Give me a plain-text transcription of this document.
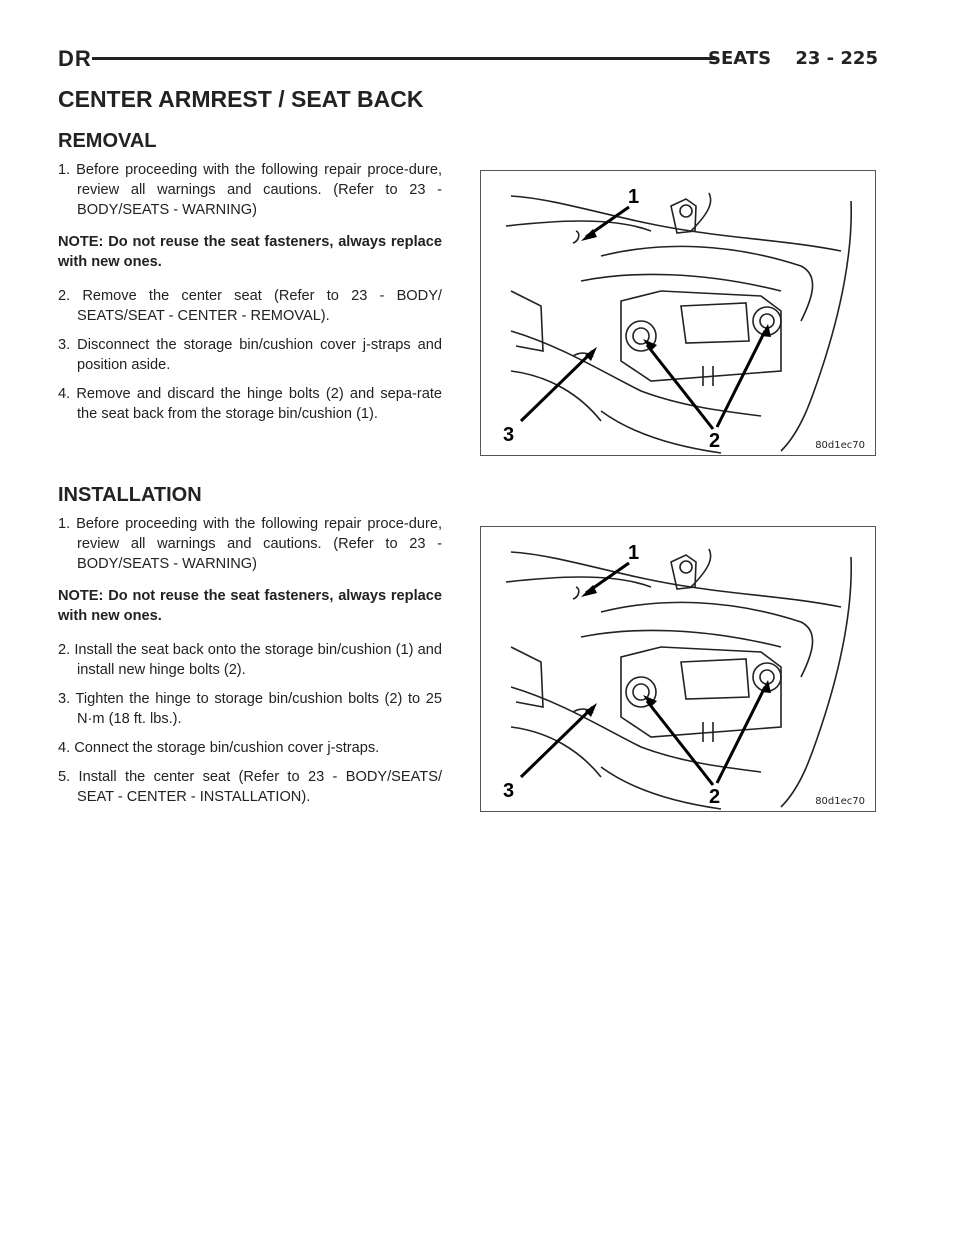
DR	SEATS 23 - 225
CENTER ARMREST / SEAT BACK
REMOVAL

1. Before proceeding with the following repair proce-dure, review all warnings and cautions. (Refer to 23 - BODY/SEATS - WARNING)

NOTE: Do not reuse the seat fasteners, always replace with new ones.

2. Remove the center seat (Refer to 23 - BODY/ SEATS/SEAT - CENTER - REMOVAL).

3. Disconnect the storage bin/cushion cover j-straps and position aside.

4. Remove and discard the hinge bolts (2) and sepa-rate the seat back from the storage bin/cushion (1).

1
3	2	80d1ec70
INSTALLATION

1. Before proceeding with the following repair proce-dure, review all warnings and cautions. (Refer to 23 - BODY/SEATS - WARNING)

NOTE: Do not reuse the seat fasteners, always replace with new ones.

2. Install the seat back onto the storage bin/cushion (1) and install new hinge bolts (2).

3. Tighten the hinge to storage bin/cushion bolts (2) to 25 N·m (18 ft. lbs.).

4. Connect the storage bin/cushion cover j-straps.

5. Install the center seat (Refer to 23 - BODY/SEATS/ SEAT - CENTER - INSTALLATION).

1
3	2	80d1ec70
